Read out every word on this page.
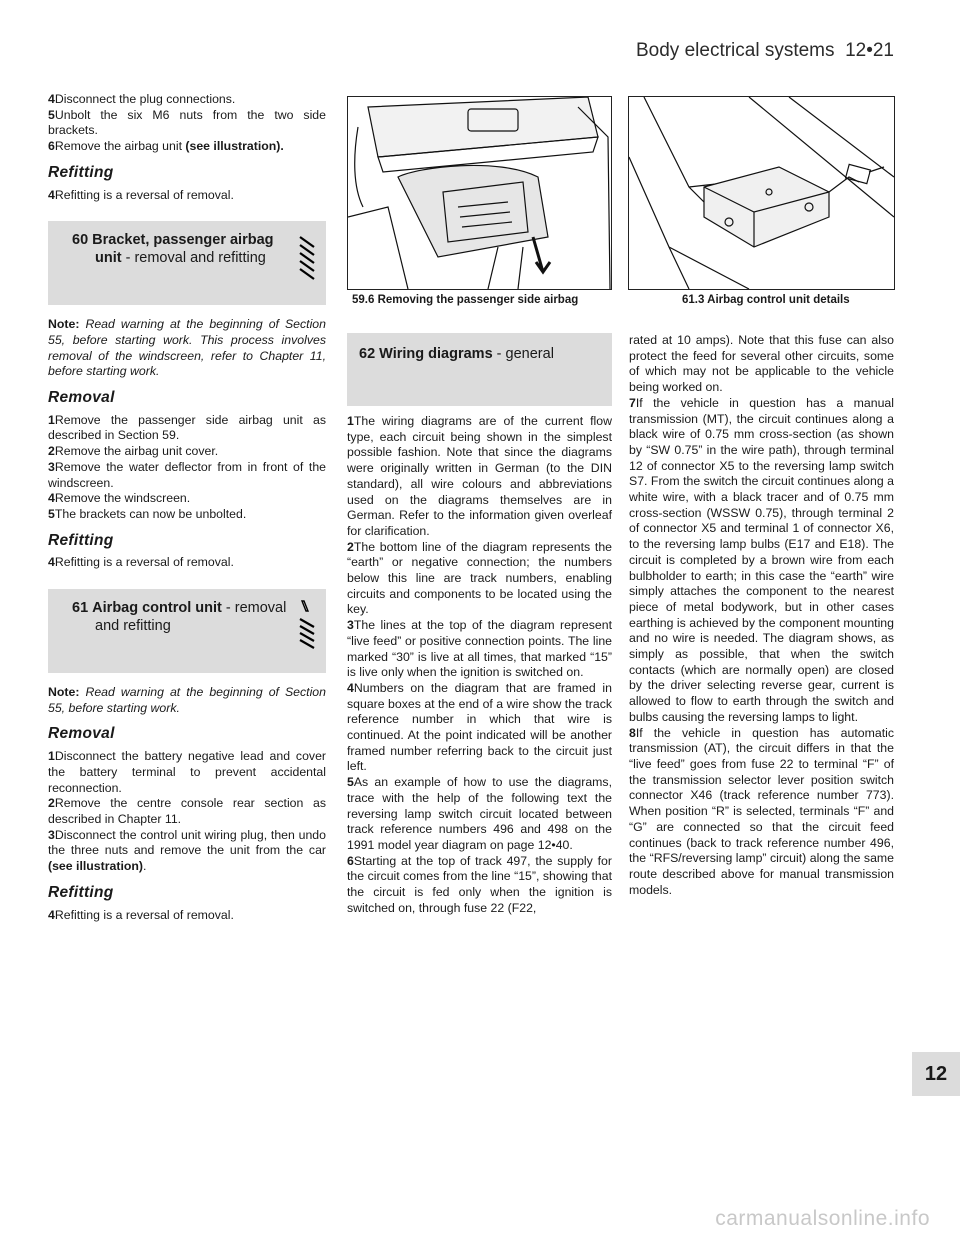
Body electrical systems 12•21

4Disconnect the plug connections.

5Unbolt the six M6 nuts from the two side brackets.

6Remove the airbag unit (see illustration).

Refitting

4Refitting is a reversal of removal.

60 Bracket, passenger airbag
unit - removal and refitting

Note: Read warning at the beginning of Section 55, before starting work. This process involves removal of the windscreen, refer to Chapter 11, before starting work.

Removal

1Remove the passenger side airbag unit as described in Section 59.

2Remove the airbag unit cover.

3Remove the water deflector from in front of the windscreen.

4Remove the windscreen.

5The brackets can now be unbolted.

Refitting

4Refitting is a reversal of removal.

61 Airbag control unit - removal
and refitting

Note: Read warning at the beginning of Section 55, before starting work.

Removal

1Disconnect the battery negative lead and cover the battery terminal to prevent accidental reconnection.

2Remove the centre console rear section as described in Chapter 11.

3Disconnect the control unit wiring plug, then undo the three nuts and remove the unit from the car (see illustration).

Refitting

4Refitting is a reversal of removal.

59.6 Removing the passenger side airbag	61.3 Airbag control unit details
62 Wiring diagrams - general

1The wiring diagrams are of the current flow type, each circuit being shown in the simplest possible fashion. Note that since the diagrams were originally written in German (to the DIN standard), all wire colours and abbreviations used on the diagrams themselves are in German. Refer to the information given overleaf for clarification.

2The bottom line of the diagram represents the “earth” or negative connection; the numbers below this line are track numbers, enabling circuits and components to be located using the key.

3The lines at the top of the diagram represent “live feed” or positive connection points. The line marked “30” is live at all times, that marked “15” is live only when the ignition is switched on.

4Numbers on the diagram that are framed in square boxes at the end of a wire show the track reference number in which that wire is continued. At the point indicated will be another framed number referring back to the circuit just left.

5As an example of how to use the diagrams, trace with the help of the following text the reversing lamp switch circuit located between track reference numbers 496 and 498 on the 1991 model year diagram on page 12•40.

6Starting at the top of track 497, the supply for the circuit comes from the line “15”, showing that the circuit is fed only when the ignition is switched on, through fuse 22 (F22,

rated at 10 amps). Note that this fuse can also protect the feed for several other circuits, some of which may not be applicable to the vehicle being worked on.

7If the vehicle in question has a manual transmission (MT), the circuit continues along a black wire of 0.75 mm cross-section (as shown by “SW 0.75” in the wire path), through terminal 12 of connector X5 to the reversing lamp switch S7. From the switch the circuit continues along a white wire, with a black tracer and of 0.75 mm cross-section (WSSW 0.75), through terminal 2 of connector X5 and terminal 1 of connector X6, to the reversing lamp bulbs (E17 and E18). The circuit is completed by a brown wire from each bulbholder to earth; in this case the “earth” wire simply attaches the component to the nearest piece of metal bodywork, but in other cases earthing is achieved by the component mounting and no wire is needed. The diagram shows, as simply as possible, that when the switch contacts (which are normally open) are closed by the driver selecting reverse gear, current is allowed to flow to earth through the switch and bulbs causing the reversing lamps to light.

8If the vehicle in question has automatic transmission (AT), the circuit differs in that the “live feed” goes from fuse 22 to terminal “F” of the transmission selector lever position switch connector X46 (track reference number 773). When position “R” is selected, terminals “F” and “G” are connected so that the circuit feed continues (back to track reference number 496, the “RFS/reversing lamp” circuit) along the same route described above for manual transmission models.

12
carmanualsonline.info
